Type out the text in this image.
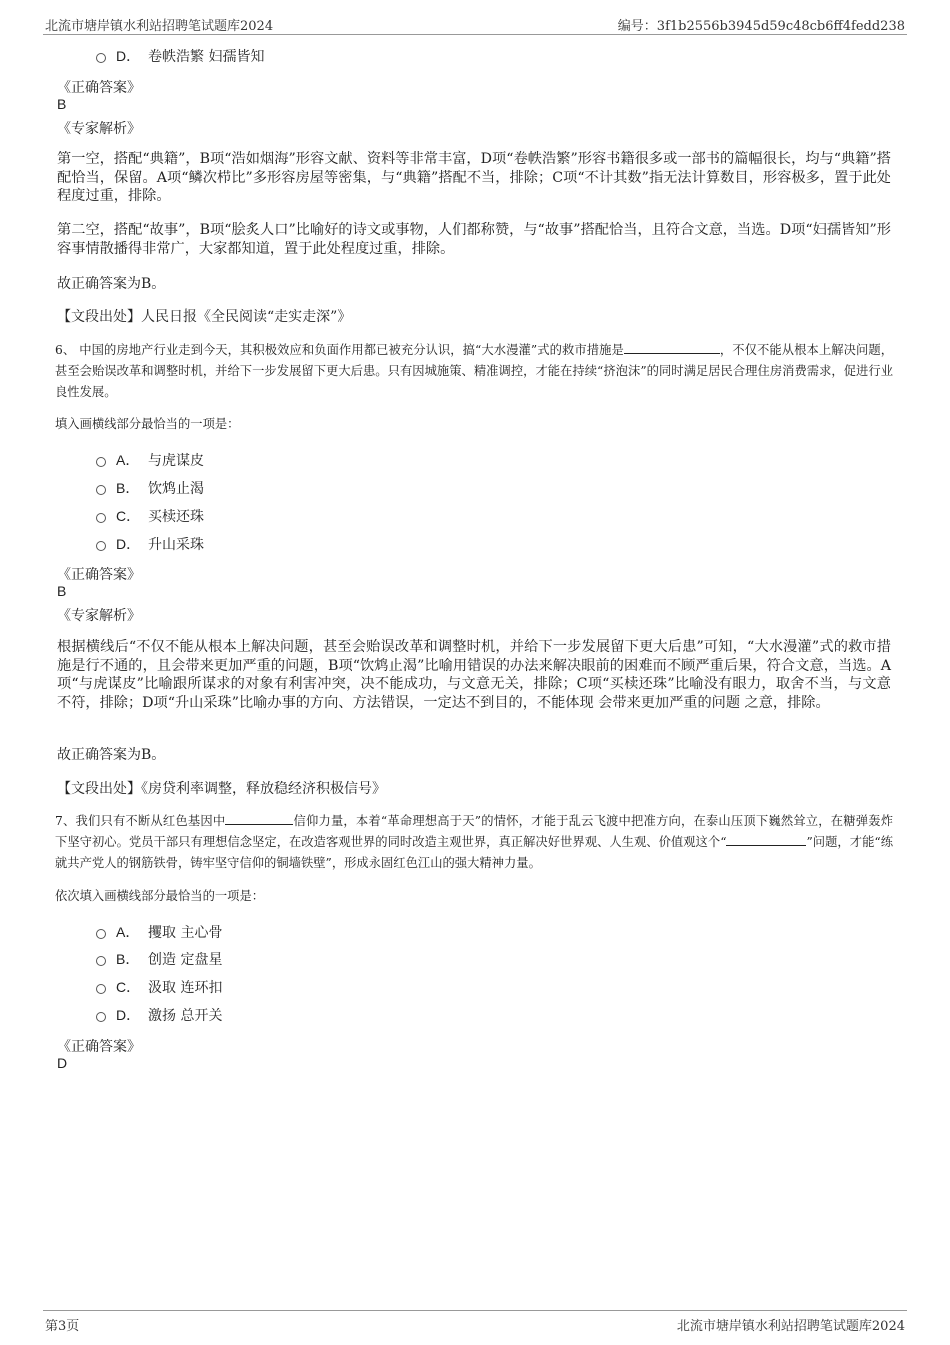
北流市塘岸镇水利站招聘笔试题库2024	编号：3f1b2556b3945d59c48cb6ff4fedd238
D． 卷帙浩繁 妇孺皆知
《正确答案》
B
《专家解析》

第一空，搭配“典籍”，B项“浩如烟海”形容文献、资料等非常丰富，D项“卷帙浩繁”形容书籍很多或一部书的篇幅很长，均与“典籍”搭配恰当，保留。A项“鳞次栉比”多形容房屋等密集，与“典籍”搭配不当，排除；C项“不计其数”指无法计算数目，形容极多，置于此处程度过重，排除。

第二空，搭配“故事”，B项“脍炙人口”比喻好的诗文或事物，人们都称赞，与“故事”搭配恰当，且符合文意，当选。D项“妇孺皆知”形容事情散播得非常广，大家都知道，置于此处程度过重，排除。

故正确答案为B。
【文段出处】人民日报《全民阅读“走实走深”》

6、 中国的房地产行业走到今天，其积极效应和负面作用都已被充分认识，搞“大水漫灌”式的救市措施是	，不仅不能从根本上解决问题，甚至会贻误改革和调整时机，并给下一步发展留下更大后患。只有因城施策、精准调控，才能在持续“挤泡沫”的同时满足居民合理住房消费需求，促进行业良性发展。

填入画横线部分最恰当的一项是：
A． 与虎谋皮
B． 饮鸩止渴
C． 买椟还珠
D． 升山采珠
《正确答案》
B
《专家解析》

根据横线后“不仅不能从根本上解决问题，甚至会贻误改革和调整时机，并给下一步发展留下更大后患”可知，“大水漫灌”式的救市措施是行不通的，且会带来更加严重的问题，B项“饮鸩止渴”比喻用错误的办法来解决眼前的困难而不顾严重后果，符合文意，当选。A项“与虎谋皮”比喻跟所谋求的对象有利害冲突，决不能成功，与文意无关，排除；C项“买椟还珠”比喻没有眼力，取舍不当，与文意不符，排除；D项“升山采珠”比喻办事的方向、方法错误，一定达不到目的，不能体现 会带来更加严重的问题 之意，排除。

故正确答案为B。
【文段出处】《房贷利率调整，释放稳经济积极信号》

7、我们只有不断从红色基因中	信仰力量，本着“革命理想高于天”的情怀，才能于乱云飞渡中把准方向，在泰山压顶下巍然耸立，在糖弹轰炸下坚守初心。党员干部只有理想信念坚定，在改造客观世界的同时改造主观世界，真正解决好世界观、人生观、价值观这个“	”问题，才能“练就共产党人的钢筋铁骨，铸牢坚守信仰的铜墙铁壁”，形成永固红色江山的强大精神力量。

依次填入画横线部分最恰当的一项是：
A． 攫取 主心骨
B． 创造 定盘星
C． 汲取 连环扣
D． 激扬 总开关
《正确答案》
D
第3页	北流市塘岸镇水利站招聘笔试题库2024
